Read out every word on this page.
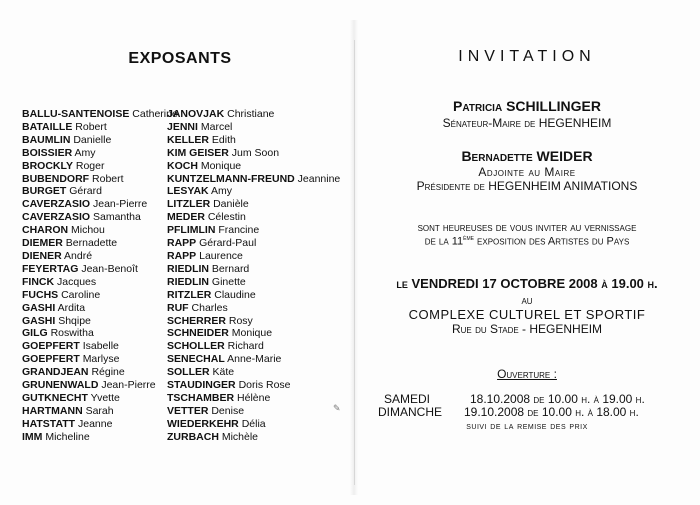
EXPOSANTS
BALLU-SANTENOISE Catherine
BATAILLE Robert
BAUMLIN Danielle
BOISSIER Amy
BROCKLY Roger
BUBENDORF Robert
BURGET Gérard
CAVERZASIO Jean-Pierre
CAVERZASIO Samantha
CHARON Michou
DIEMER Bernadette
DIENER André
FEYERTAG Jean-Benoît
FINCK Jacques
FUCHS Caroline
GASHI Ardita
GASHI Shqipe
GILG Roswitha
GOEPFERT Isabelle
GOEPFERT Marlyse
GRANDJEAN Régine
GRUNENWALD Jean-Pierre
GUTKNECHT Yvette
HARTMANN Sarah
HATSTATT Jeanne
IMM Micheline
JANOVJAK Christiane
JENNI Marcel
KELLER Edith
KIM GEISER Jum Soon
KOCH Monique
KUNTZELMANN-FREUND Jeannine
LESYAK Amy
LITZLER Danièle
MEDER Célestin
PFLIMLIN Francine
RAPP Gérard-Paul
RAPP Laurence
RIEDLIN Bernard
RIEDLIN Ginette
RITZLER Claudine
RUF Charles
SCHERRER Rosy
SCHNEIDER Monique
SCHOLLER Richard
SENECHAL Anne-Marie
SOLLER Käte
STAUDINGER Doris Rose
TSCHAMBER Hélène
VETTER Denise
WIEDERKEHR Délia
ZURBACH Michèle
✎
INVITATION
Patricia SCHILLINGER
Sénateur-Maire de HEGENHEIM
Bernadette WEIDER
Adjointe au Maire
Présidente de HEGENHEIM ANIMATIONS
sont heureuses de vous inviter au vernissage
de la 11ème exposition des Artistes du Pays
le VENDREDI 17 OCTOBRE 2008 à 19.00 h.
au
COMPLEXE CULTUREL ET SPORTIF
Rue du Stade - HEGENHEIM
Ouverture :
SAMEDI	18.10.2008 de 10.00 h. à 19.00 h.
DIMANCHE 19.10.2008 de 10.00 h. à 18.00 h.
suivi de la remise des prix
